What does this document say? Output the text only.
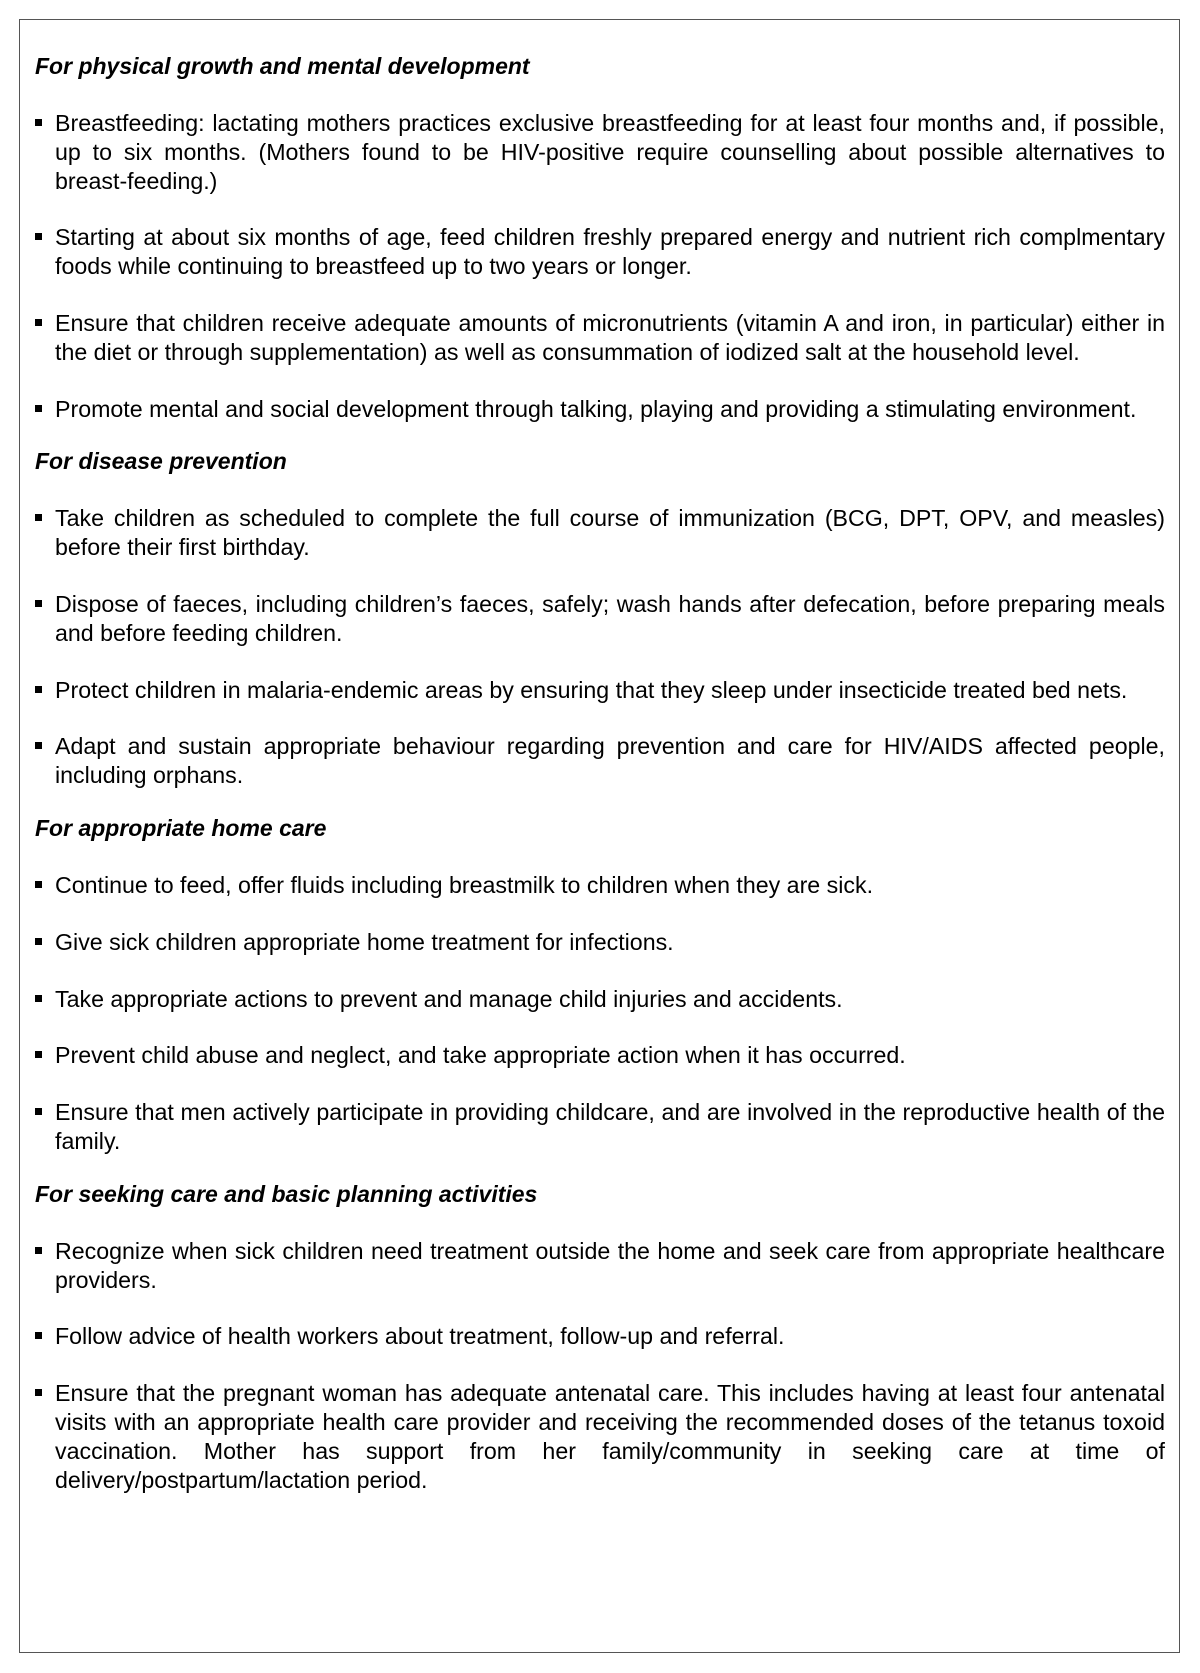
For physical growth and mental development
Breastfeeding: lactating mothers practices exclusive breastfeeding for at least four months and, if possible, up to six months. (Mothers found to be HIV-positive require counselling about possible alternatives to breast-feeding.)
Starting at about six months of age, feed children freshly prepared energy and nutrient rich complmentary foods while continuing to breastfeed up to two years or longer.
Ensure that children receive adequate amounts of micronutrients (vitamin A and iron, in particular) either in the diet or through supplementation) as well as consummation of iodized salt at the household level.
Promote mental and social development through talking, playing and providing a stimulating environment.
For disease prevention
Take children as scheduled to complete the full course of immunization (BCG, DPT, OPV, and measles) before their first birthday.
Dispose of faeces, including children’s faeces, safely; wash hands after defecation, before preparing meals and before feeding children.
Protect children in malaria-endemic areas by ensuring that they sleep under insecticide treated bed nets.
Adapt and sustain appropriate behaviour regarding prevention and care for HIV/AIDS affected people, including orphans.
For appropriate home care
Continue to feed, offer fluids including breastmilk to children when they are sick.
Give sick children appropriate home treatment for infections.
Take appropriate actions to prevent and manage child injuries and accidents.
Prevent child abuse and neglect, and take appropriate action when it has occurred.
Ensure that men actively participate in providing childcare, and are involved in the reproductive health of the family.
For seeking care and basic planning activities
Recognize when sick children need treatment outside the home and seek care from appropriate healthcare providers.
Follow advice of health workers about treatment, follow-up and referral.
Ensure that the pregnant woman has adequate antenatal care. This includes having at least four antenatal visits with an appropriate health care provider and receiving the recommended doses of the tetanus toxoid vaccination. Mother has support from her family/community in seeking care at time of delivery/postpartum/lactation period.
